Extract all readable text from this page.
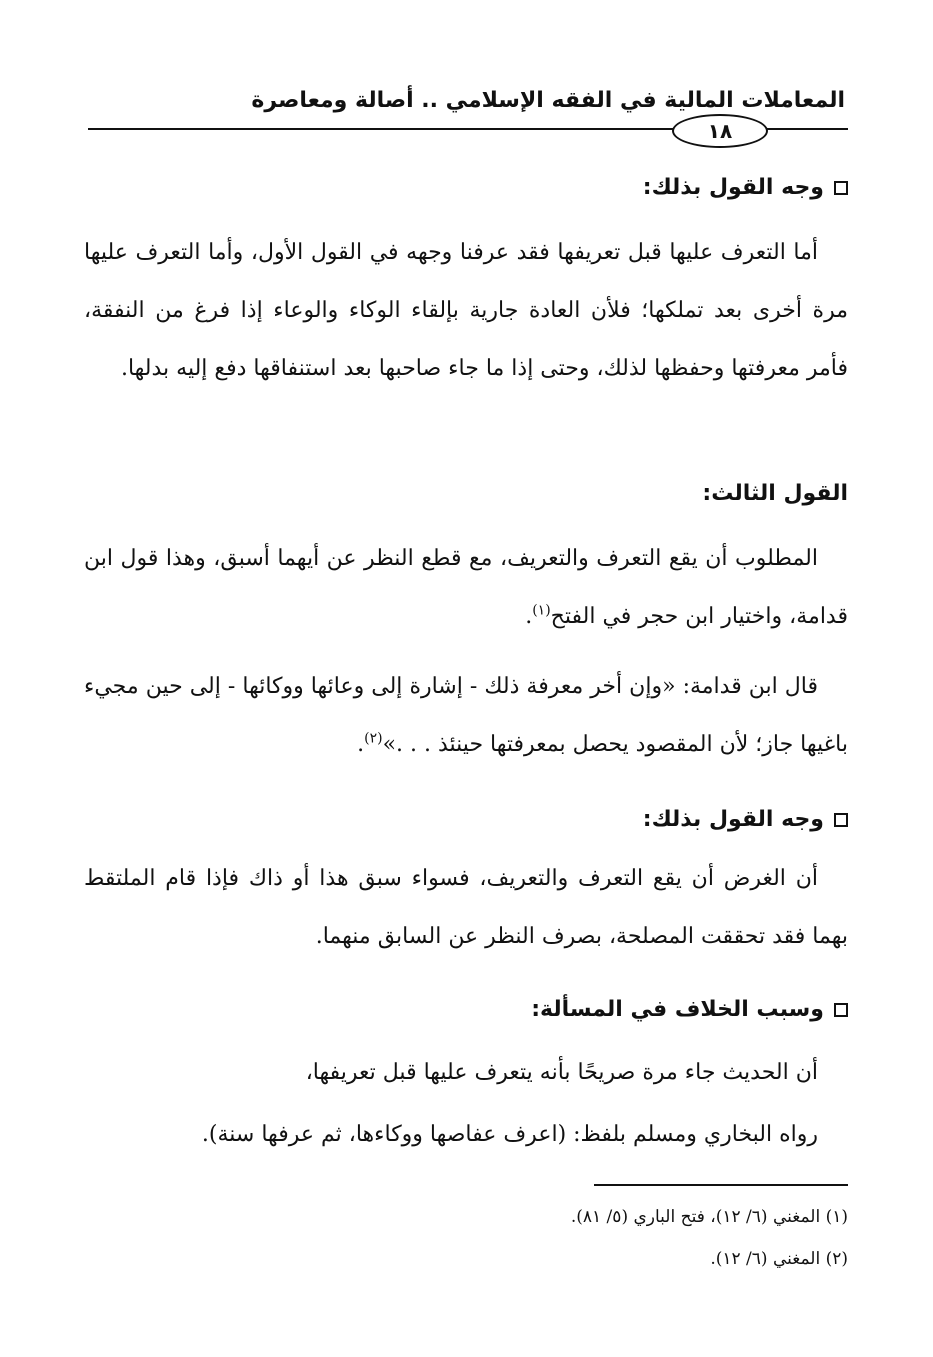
المعاملات المالية في الفقه الإسلامي .. أصالة ومعاصرة
١٨
وجه القول بذلك:
أما التعرف عليها قبل تعريفها فقد عرفنا وجهه في القول الأول، وأما التعرف عليها مرة أخرى بعد تملكها؛ فلأن العادة جارية بإلقاء الوكاء والوعاء إذا فرغ من النفقة، فأمر معرفتها وحفظها لذلك، وحتى إذا ما جاء صاحبها بعد استنفاقها دفع إليه بدلها.
القول الثالث:
المطلوب أن يقع التعرف والتعريف، مع قطع النظر عن أيهما أسبق، وهذا قول ابن قدامة، واختيار ابن حجر في الفتح$^{(١)}$.
قال ابن قدامة: «وإن أخر معرفة ذلك - إشارة إلى وعائها ووكائها - إلى حين مجيء باغيها جاز؛ لأن المقصود يحصل بمعرفتها حينئذ . . .»$^{(٢)}$.
وجه القول بذلك:
أن الغرض أن يقع التعرف والتعريف، فسواء سبق هذا أو ذاك فإذا قام الملتقط بهما فقد تحققت المصلحة، بصرف النظر عن السابق منهما.
وسبب الخلاف في المسألة:
أن الحديث جاء مرة صريحًا بأنه يتعرف عليها قبل تعريفها،
رواه البخاري ومسلم بلفظ: (اعرف عفاصها ووكاءها، ثم عرفها سنة).
(١) المغني (٦/ ١٢)، فتح الباري (٥/ ٨١).
(٢) المغني (٦/ ١٢).
